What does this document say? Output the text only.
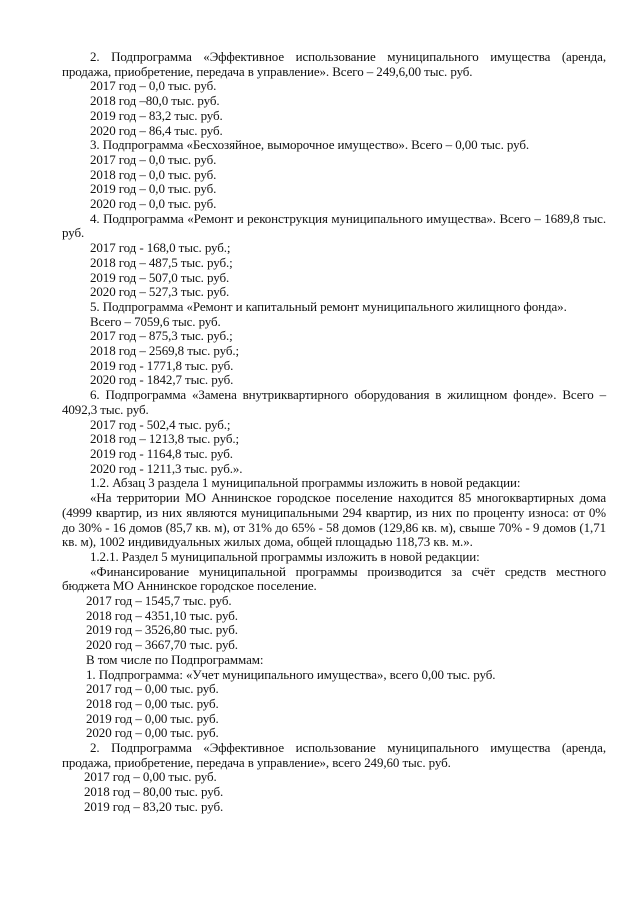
2. Подпрограмма «Эффективное использование муниципального имущества (аренда, продажа, приобретение, передача в управление». Всего – 249,6,00 тыс. руб.

2017 год – 0,0 тыс. руб.

2018 год –80,0 тыс. руб.

2019 год – 83,2 тыс. руб.

2020 год – 86,4 тыс. руб.

3. Подпрограмма «Бесхозяйное, выморочное имущество». Всего – 0,00 тыс. руб.

2017 год – 0,0 тыс. руб.

2018 год – 0,0 тыс. руб.

2019 год – 0,0 тыс. руб.

2020 год – 0,0 тыс. руб.

4. Подпрограмма «Ремонт и реконструкция муниципального имущества». Всего – 1689,8 тыс. руб.

2017 год - 168,0 тыс. руб.;

2018 год – 487,5 тыс. руб.;

2019 год – 507,0 тыс. руб.

2020 год – 527,3 тыс. руб.

5. Подпрограмма «Ремонт и капитальный ремонт муниципального жилищного фонда».

Всего – 7059,6 тыс. руб.

2017 год – 875,3 тыс. руб.;

2018 год – 2569,8 тыс. руб.;

2019 год - 1771,8 тыс. руб.

2020 год - 1842,7 тыс. руб.

6. Подпрограмма «Замена внутриквартирного оборудования в жилищном фонде». Всего – 4092,3 тыс. руб.

2017 год - 502,4 тыс. руб.;

2018 год – 1213,8 тыс. руб.;

2019 год - 1164,8 тыс. руб.

2020 год - 1211,3 тыс. руб.».

1.2. Абзац 3 раздела 1 муниципальной программы изложить в новой редакции:

«На территории МО Аннинское городское поселение находится 85 многоквартирных дома (4999 квартир, из них являются муниципальными 294 квартир, из них по проценту износа: от 0% до 30% - 16 домов (85,7 кв. м), от 31% до 65% - 58 домов (129,86 кв. м), свыше 70% - 9 домов (1,71 кв. м), 1002 индивидуальных жилых дома, общей площадью 118,73 кв. м.».

1.2.1. Раздел 5 муниципальной программы изложить в новой редакции:

«Финансирование муниципальной программы производится за счёт средств местного бюджета МО Аннинское городское поселение.

2017 год – 1545,7 тыс. руб.

2018 год – 4351,10 тыс. руб.

2019 год – 3526,80 тыс. руб.

2020 год – 3667,70 тыс. руб.

В том числе по Подпрограммам:

1. Подпрограмма: «Учет муниципального имущества», всего 0,00 тыс. руб.

2017 год – 0,00 тыс. руб.

2018 год – 0,00 тыс. руб.

2019 год – 0,00 тыс. руб.

2020 год – 0,00 тыс. руб.

2. Подпрограмма «Эффективное использование муниципального имущества (аренда, продажа, приобретение, передача в управление», всего 249,60 тыс. руб.

2017 год – 0,00 тыс. руб.

2018 год – 80,00 тыс. руб.

2019 год – 83,20 тыс. руб.
